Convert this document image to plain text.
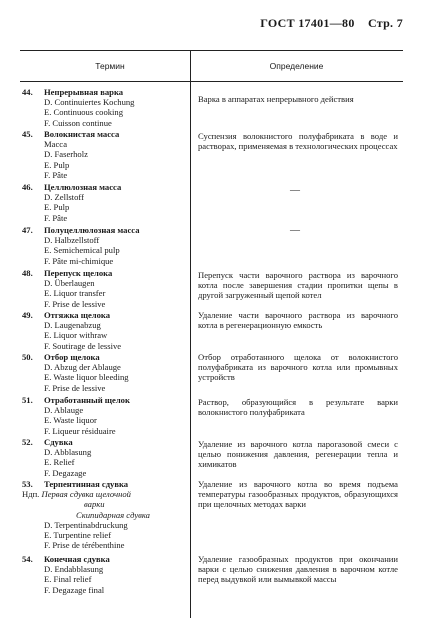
ГОСТ 17401—80 Стр. 7
Термин	Определение
44. Непрерывная варка
D. Continuiertes Kochung
E. Continuous cooking
F. Cuisson continue
Варка в аппаратах непрерывного действия
45. Волокнистая масса
Масса
D. Faserholz
E. Pulp
F. Pâte
Суспензия волокнистого полуфабриката в воде и растворах, применяемая в технологических процессах
46. Целлюлозная масса
D. Zellstoff
E. Pulp
F. Pâte
—
47. Полуцеллюлозная масса
D. Halbzellstoff
E. Semichemical pulp
F. Pâte mi-chimique
—
48. Перепуск щелока
D. Überlaugen
E. Liquor transfer
F. Prise de lessive
Перепуск части варочного раствора из варочного котла после завершения стадии пропитки щепы в другой загруженный щепой котел
49. Отгяжка щелока
D. Laugenabzug
E. Liquor withraw
F. Soutirage de lessive
Удаление части варочного раствора из варочного котла в регенерационную емкость
50. Отбор щелока
D. Abzug der Ablauge
E. Waste liquor bleeding
F. Prise de lessive
Отбор отработанного щелока от волокнистого полуфабриката из варочного котла или промывных устройств
51. Отработанный щелок
D. Ablauge
E. Waste liquor
F. Liqueur résiduaire
Раствор, образующийся в результате варки волокнистого полуфабриката
52. Сдувка
D. Abblasung
E. Relief
F. Degazage
Удаление из варочного котла парогазовой смеси с целью понижения давления, регенерации тепла и химикатов
53. Терпентинная сдувка
Ндп. Первая сдувка щелочной
варки
Скипидарная сдувка
D. Terpentinabdruckung
E. Turpentine relief
F. Prise de térébenthine
Удаление из варочного котла во время подъема температуры газообразных продуктов, образующихся при щелочных методах варки
54. Конечная сдувка
D. Endabblasung
E. Final relief
F. Degazage final
Удаление газообразных продуктов при окончании варки с целью снижения давления в варочном котле перед выдувкой или вымывкой массы
